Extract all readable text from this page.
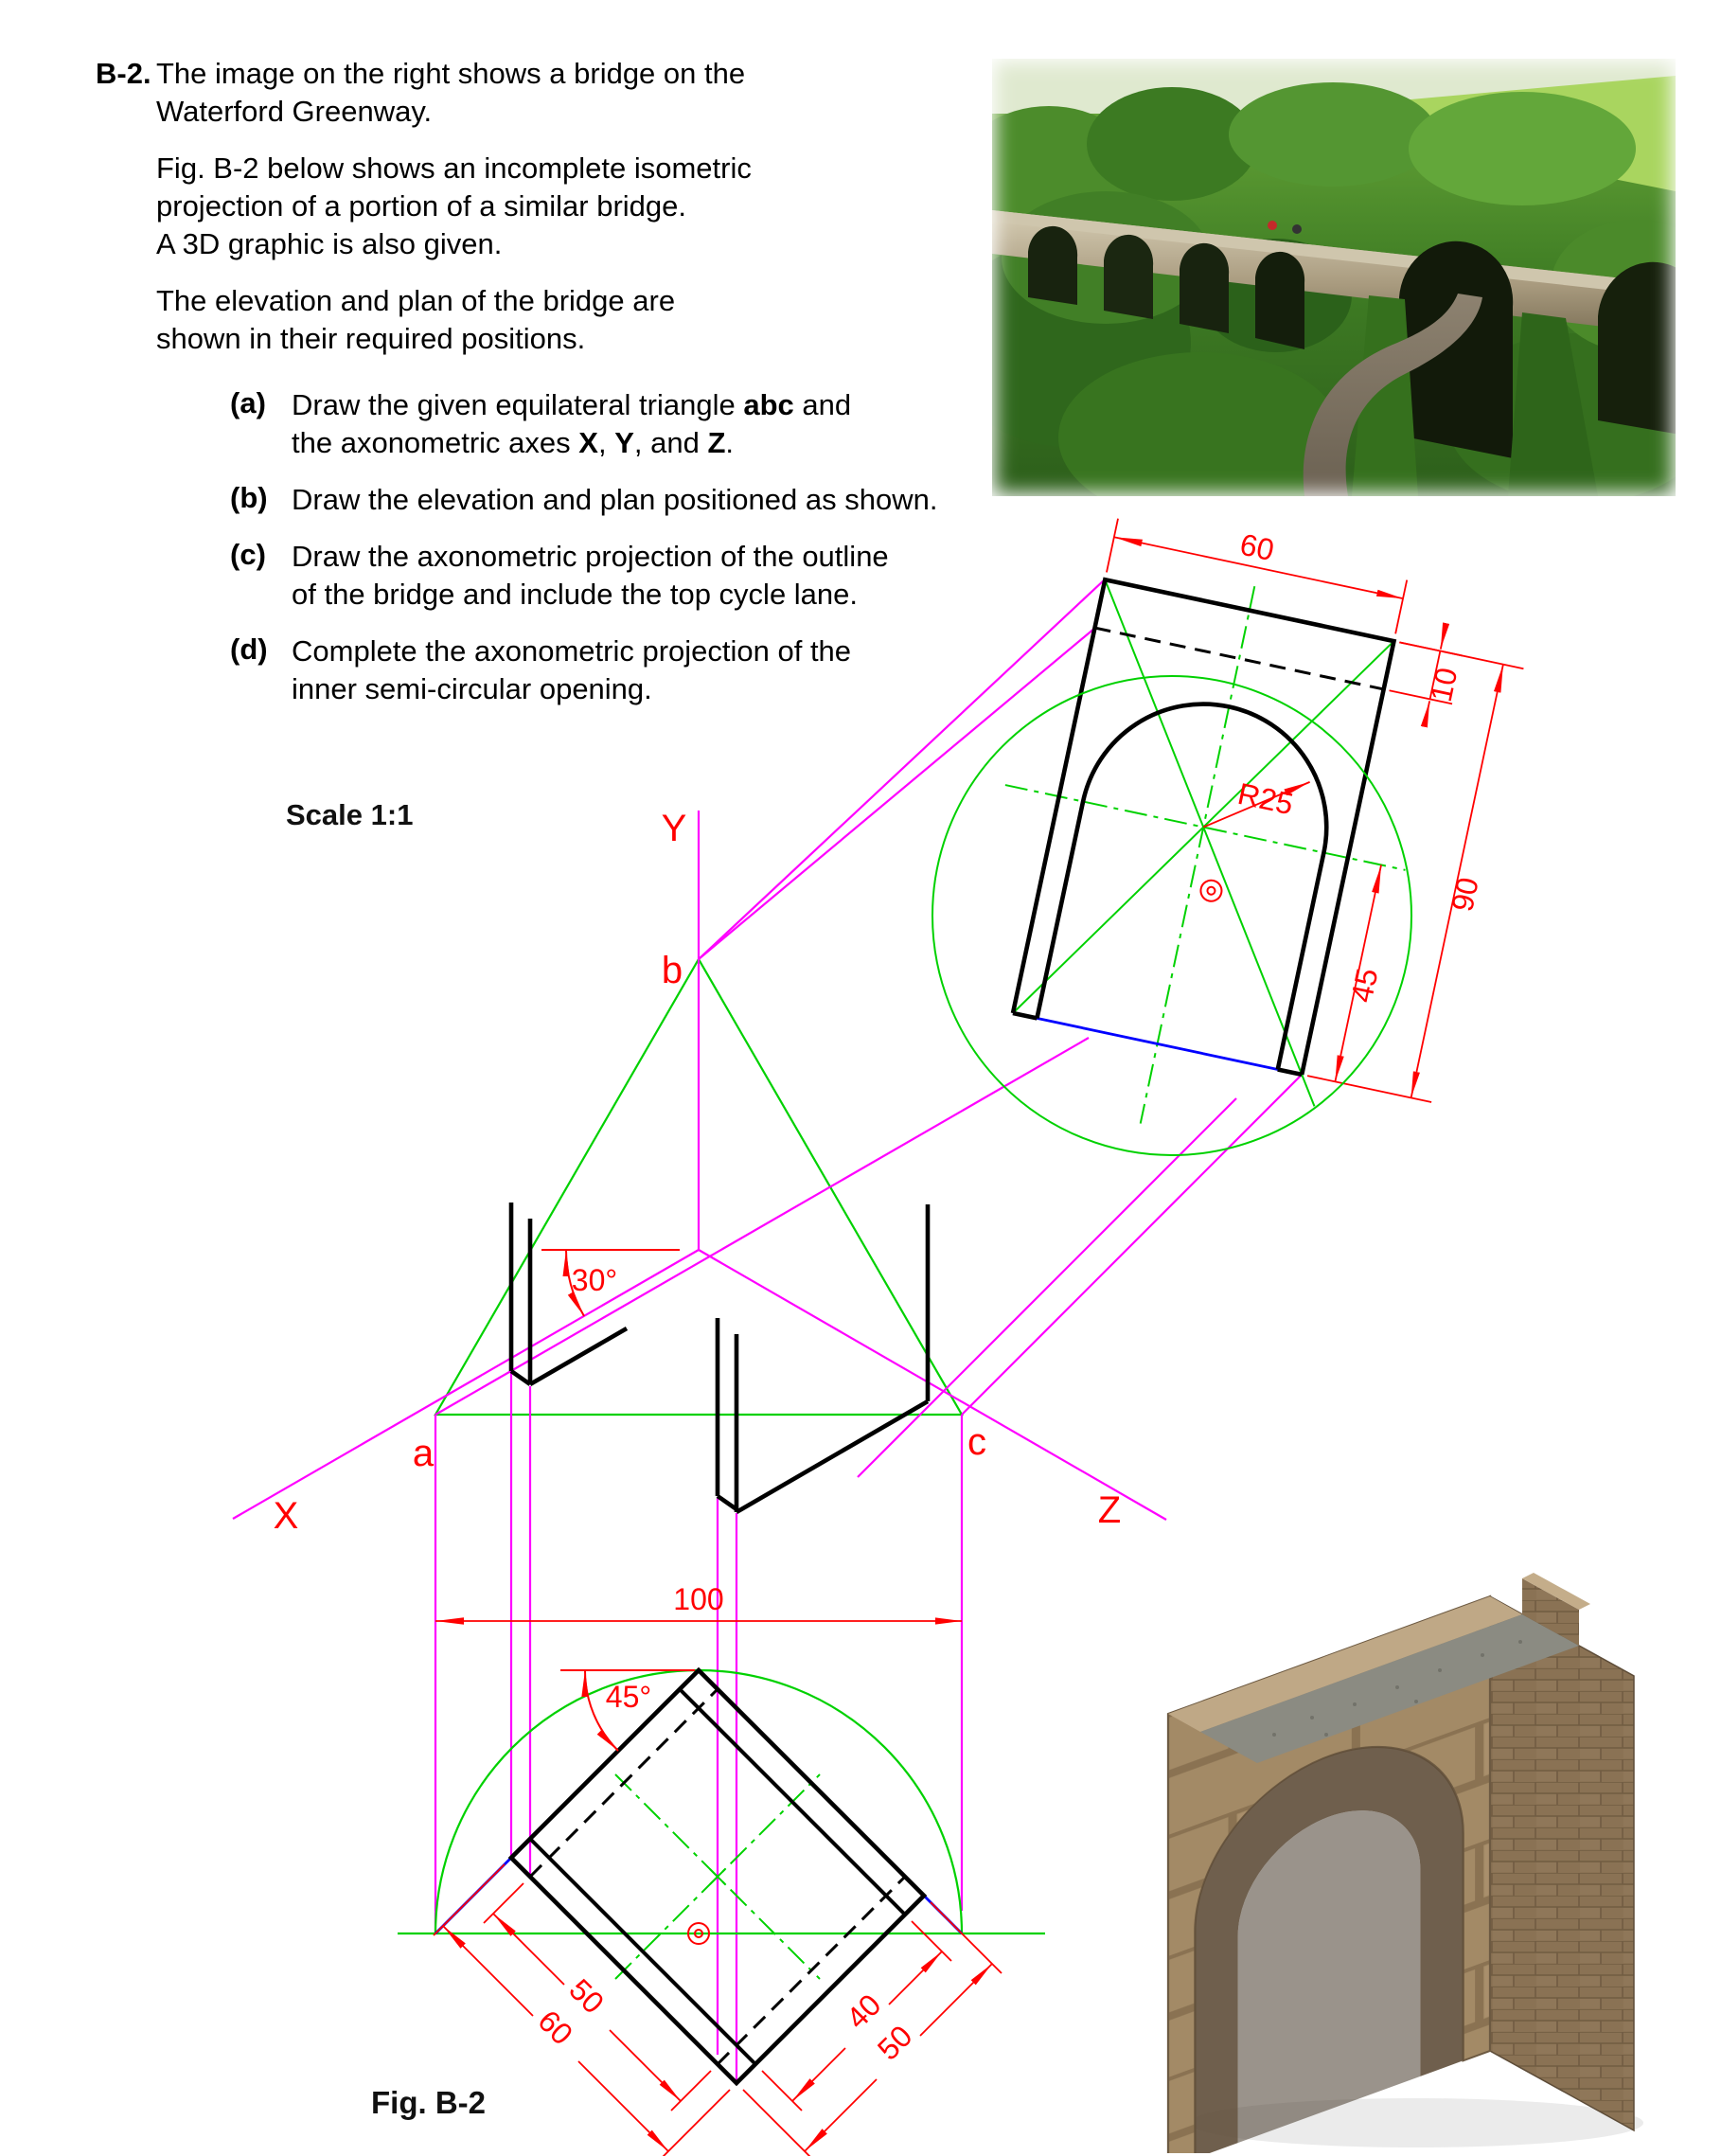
B-2. The image on the right shows a bridge on the
Waterford Greenway.
Fig. B-2 below shows an incomplete isometric
projection of a portion of a similar bridge.
A 3D graphic is also given.
The elevation and plan of the bridge are
shown in their required positions.
(a) Draw the given equilateral triangle abc and
the axonometric axes X, Y, and Z.
(b) Draw the elevation and plan positioned as shown.
(c) Draw the axonometric projection of the outline
of the bridge and include the top cycle lane.
(d) Complete the axonometric projection of the
inner semi-circular opening.
Scale 1:1
Fig. B-2
30°
60
10
90
45
R25
45°
100
50
60	40
50
Y
X	Z
b
a	c
